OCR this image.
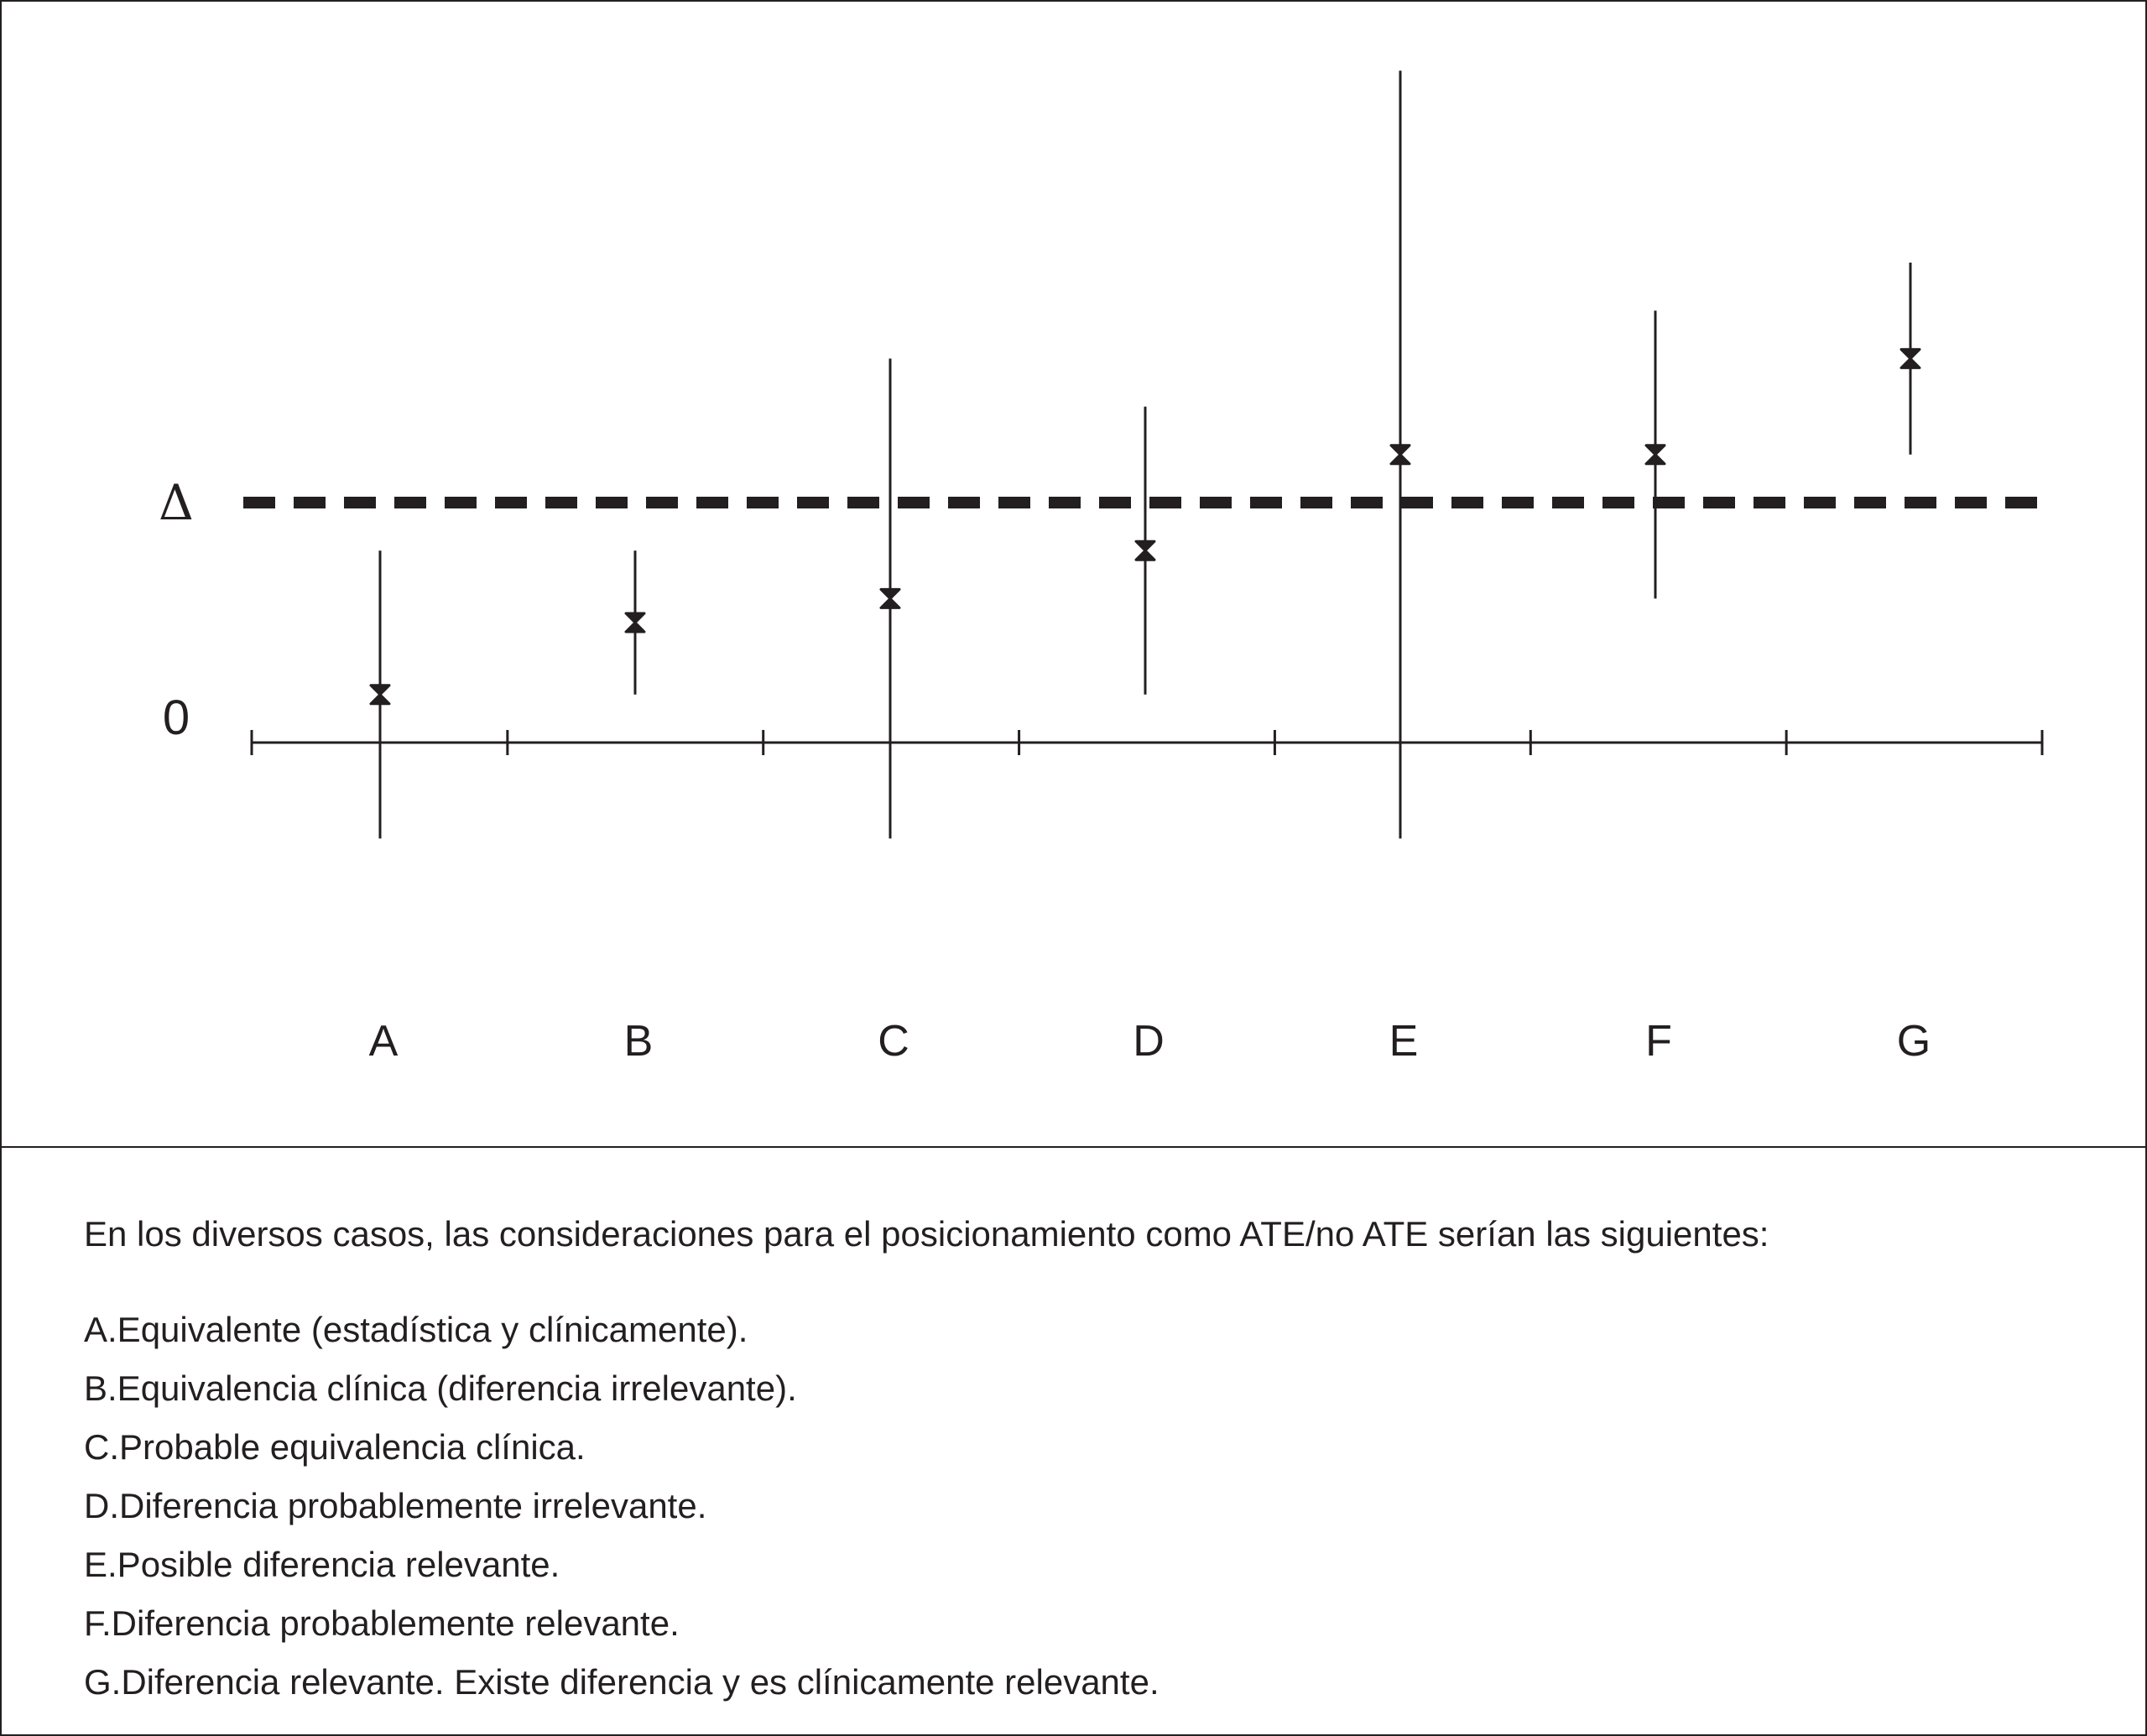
0
Δ
A	B	C	D	E	F	G

En los diversos casos, las consideraciones para el posicionamiento como ATE/no ATE serían las siguientes:

A.Equivalente (estadística y clínicamente).
B.Equivalencia clínica (diferencia irrelevante).
C.Probable equivalencia clínica.
D.Diferencia probablemente irrelevante.
E.Posible diferencia relevante.
F.Diferencia probablemente relevante.
G.Diferencia relevante. Existe diferencia y es clínicamente relevante.
